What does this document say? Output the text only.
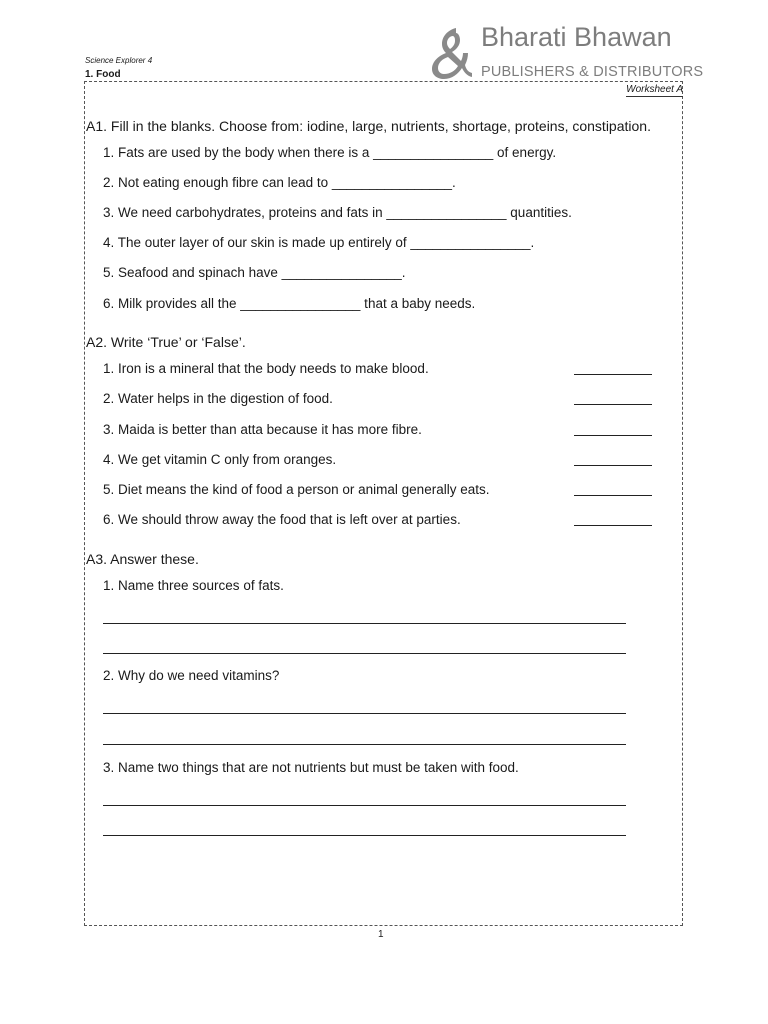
Science Explorer 4
1. Food
Bharati Bhawan
PUBLISHERS & DISTRIBUTORS
Worksheet A
A1. Fill in the blanks. Choose from: iodine, large, nutrients, shortage, proteins, constipation.
1. Fats are used by the body when there is a ________________ of energy.
2. Not eating enough fibre can lead to ________________.
3. We need carbohydrates, proteins and fats in ________________ quantities.
4. The outer layer of our skin is made up entirely of ________________.
5. Seafood and spinach have ________________.
6. Milk provides all the ________________ that a baby needs.
A2. Write ‘True’ or ‘False’.
1. Iron is a mineral that the body needs to make blood.
2. Water helps in the digestion of food.
3. Maida is better than atta because it has more fibre.
4. We get vitamin C only from oranges.
5. Diet means the kind of food a person or animal generally eats.
6. We should throw away the food that is left over at parties.
A3. Answer these.
1. Name three sources of fats.
2. Why do we need vitamins?
3. Name two things that are not nutrients but must be taken with food.
1
